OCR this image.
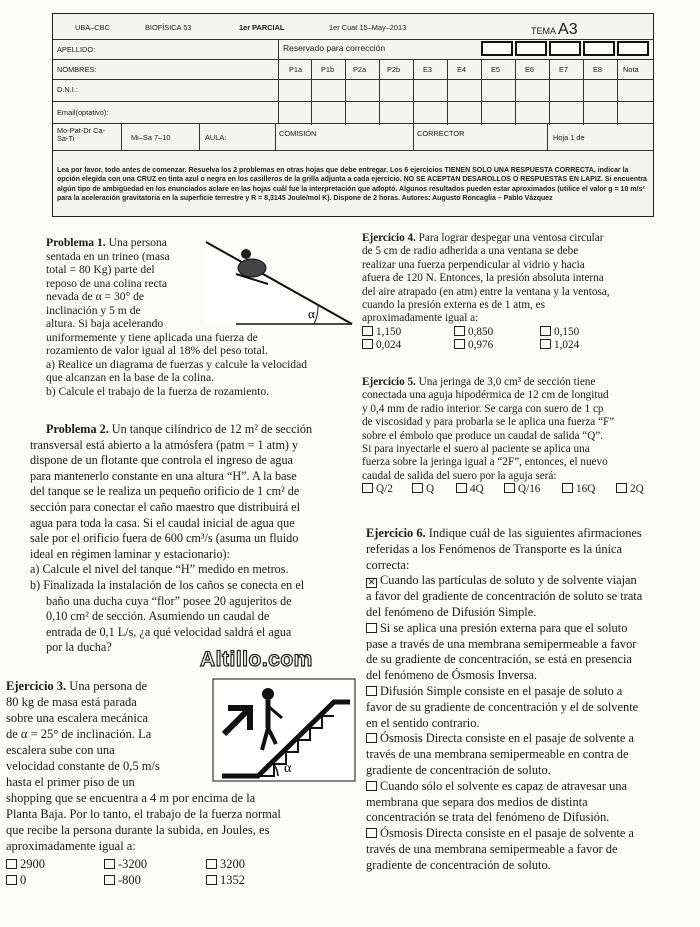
UBA–CBC	BIOFÍSICA 53	1er PARCIAL	1er Cuat 15–May–2013	TEMA A3
APELLIDO:	Reservado para corrección
NOMBRES:	P1a	P1b	P2a	P2b	E3	E4	E5	E6	E7	E8	Nota
D.N.I.:
Email(optativo):
Mo-Pat-Dr Ca-Sa-Ti	Mi–Sa 7–10	AULA:	COMISIÓN	CORRECTOR	Hoja 1 de
Lea por favor, todo antes de comenzar. Resuelva los 2 problemas en otras hojas que debe entregar. Los 6 ejercicios TIENEN SOLO UNA RESPUESTA CORRECTA, indicar la opción elegida con una CRUZ en tinta azul o negra en los casilleros de la grilla adjunta a cada ejercicio. NO SE ACEPTAN DESAROLLOS O RESPUESTAS EN LAPIZ. Si encuentra algún tipo de ambigüedad en los enunciados aclare en las hojas cuál fue la interpretación que adoptó. Algunos resultados pueden estar aproximados (utilice el valor g = 10 m/s² para la aceleración gravitatoria en la superficie terrestre y R = 8,3145 Joule/mol K). Dispone de 2 horas. Autores: Augusto Roncaglia – Pablo Vázquez

Problema 1. Una persona

sentada en un trineo (masa

total = 80 Kg) parte del

reposo de una colina recta

nevada de α = 30° de

inclinación y 5 m de

altura. Si baja acelerando

uniformemente y tiene aplicada una fuerza de

rozamiento de valor igual al 18% del peso total.

a) Realice un diagrama de fuerzas y calcule la velocidad

que alcanzan en la base de la colina.

b) Calcule el trabajo de la fuerza de rozamiento.

α

Problema 2. Un tanque cilíndrico de 12 m² de sección

transversal está abierto a la atmósfera (patm = 1 atm) y

dispone de un flotante que controla el ingreso de agua

para mantenerlo constante en una altura “H”. A la base

del tanque se le realiza un pequeño orificio de 1 cm² de

sección para conectar el caño maestro que distribuirá el

agua para toda la casa. Si el caudal inicial de agua que

sale por el orificio fuera de 600 cm³/s (asuma un fluido

ideal en régimen laminar y estacionario):

a) Calcule el nivel del tanque “H” medido en metros.

b) Finalizada la instalación de los caños se conecta en el

baño una ducha cuya “flor” posee 20 agujeritos de

0,10 cm² de sección. Asumiendo un caudal de

entrada de 0,1 L/s, ¿a qué velocidad saldrá el agua

por la ducha?

Altillo.com

Ejercicio 3. Una persona de

80 kg de masa está parada

sobre una escalera mecánica

de α = 25° de inclinación. La

escalera sube con una

velocidad constante de 0,5 m/s

hasta el primer piso de un

shopping que se encuentra a 4 m por encima de la

Planta Baja. Por lo tanto, el trabajo de la fuerza normal

que recibe la persona durante la subida, en Joules, es

aproximadamente igual a:

2900	-3200	3200

0	-800	1352

α

Ejercicio 4. Para lograr despegar una ventosa circular

de 5 cm de radio adherida a una ventana se debe

realizar una fuerza perpendicular al vidrio y hacia

afuera de 120 N. Entonces, la presión absoluta interna

del aire atrapado (en atm) entre la ventana y la ventosa,

cuando la presión externa es de 1 atm, es

aproximadamente igual a:

1,150	0,850	0,150

0,024	0,976	1,024

Ejercicio 5. Una jeringa de 3,0 cm³ de sección tiene

conectada una aguja hipodérmica de 12 cm de longitud

y 0,4 mm de radio interior. Se carga con suero de 1 cp

de viscosidad y para probarla se le aplica una fuerza “F”

sobre el émbolo que produce un caudal de salida “Q”.

Si para inyectarle el suero al paciente se aplica una

fuerza sobre la jeringa igual a “2F”, entonces, el nuevo

caudal de salida del suero por la aguja será:

Q/2	Q	4Q	Q/16	16Q	2Q

Ejercicio 6. Indique cuál de las siguientes afirmaciones

referidas a los Fenómenos de Transporte es la única

correcta:

✕ Cuando las partículas de soluto y de solvente viajan

a favor del gradiente de concentración de soluto se trata

del fenómeno de Difusión Simple.

Si se aplica una presión externa para que el soluto

pase a través de una membrana semipermeable a favor

de su gradiente de concentración, se está en presencia

del fenómeno de Ósmosis Inversa.

Difusión Simple consiste en el pasaje de soluto a

favor de su gradiente de concentración y el de solvente

en el sentido contrario.

Ósmosis Directa consiste en el pasaje de solvente a

través de una membrana semipermeable en contra de

gradiente de concentración de soluto.

Cuando sólo el solvente es capaz de atravesar una

membrana que separa dos medios de distinta

concentración se trata del fenómeno de Difusión.

Ósmosis Directa consiste en el pasaje de solvente a

través de una membrana semipermeable a favor de

gradiente de concentración de soluto.
